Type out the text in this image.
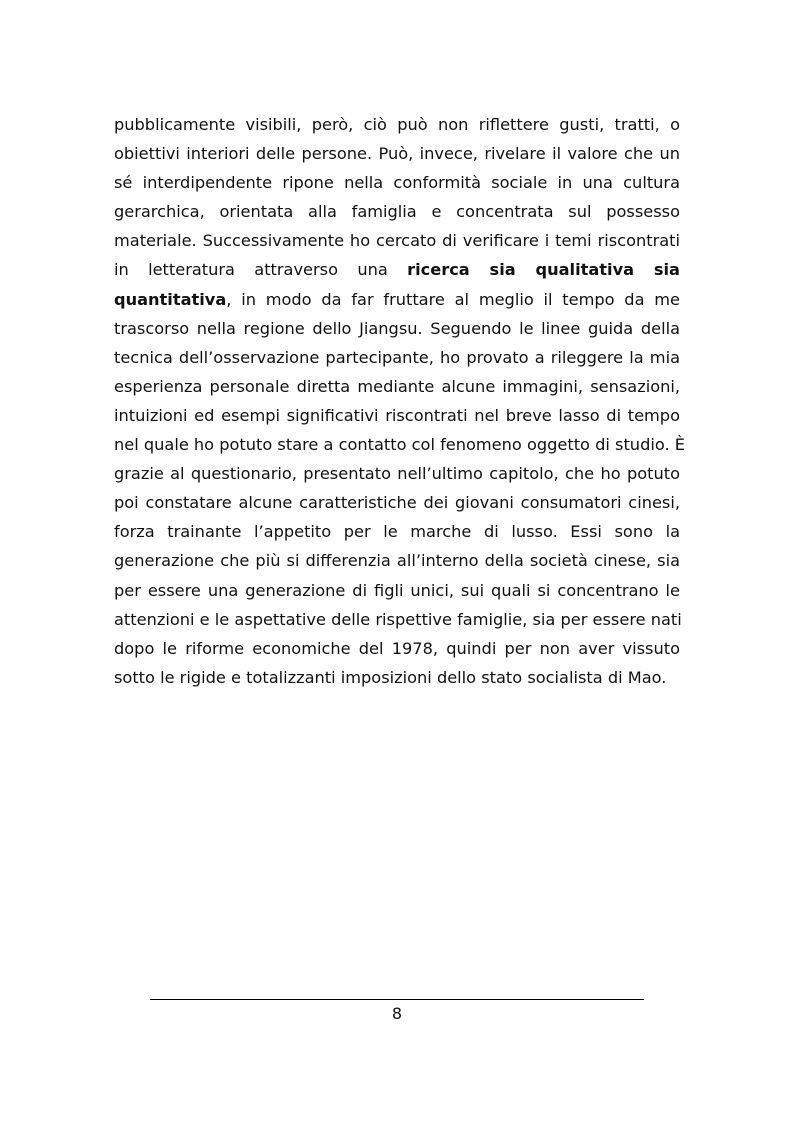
pubblicamente visibili, però, ciò può non riflettere gusti, tratti, o
obiettivi interiori delle persone. Può, invece, rivelare il valore che un
sé interdipendente ripone nella conformità sociale in una cultura
gerarchica, orientata alla famiglia e concentrata sul possesso
materiale. Successivamente ho cercato di verificare i temi riscontrati
in letteratura attraverso una ricerca sia qualitativa sia
quantitativa, in modo da far fruttare al meglio il tempo da me
trascorso nella regione dello Jiangsu. Seguendo le linee guida della
tecnica dell’osservazione partecipante, ho provato a rileggere la mia
esperienza personale diretta mediante alcune immagini, sensazioni,
intuizioni ed esempi significativi riscontrati nel breve lasso di tempo
nel quale ho potuto stare a contatto col fenomeno oggetto di studio. È
grazie al questionario, presentato nell’ultimo capitolo, che ho potuto
poi constatare alcune caratteristiche dei giovani consumatori cinesi,
forza trainante l’appetito per le marche di lusso. Essi sono la
generazione che più si differenzia all’interno della società cinese, sia
per essere una generazione di figli unici, sui quali si concentrano le
attenzioni e le aspettative delle rispettive famiglie, sia per essere nati
dopo le riforme economiche del 1978, quindi per non aver vissuto
sotto le rigide e totalizzanti imposizioni dello stato socialista di Mao.

8
